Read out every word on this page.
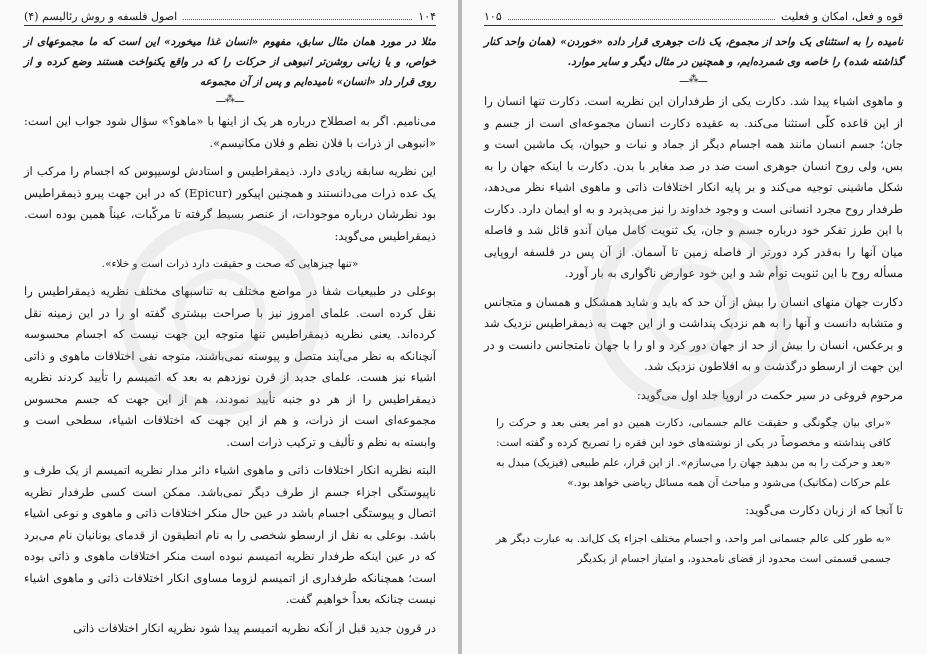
۱۰۴
اصول فلسفه و روش رئالیسم (۴)

مثلا در مورد همان مثال سابق، مفهوم «انسان غذا میخورد» این است که ما مجموعهای از خواص، و یا زبانی روشن‌تر انبوهی از حرکات را که در واقع یکنواخت هستند وضع کرده و از روی قرار داد «انسان» نامیده‌ایم و پس از آن مجموعه

ـــ⁂ـــ

می‌نامیم. اگر به اصطلاح درباره هر یک از اینها با «ماهو؟» سؤال شود جواب این است: «انبوهی از ذرات با فلان نظم و فلان مکانیسم».

این نظریه سابقه زیادی دارد. ذیمقراطیس و استادش لوسیپوس که اجسام را مرکب از یک عده ذرات می‌دانستند و همچنین اپیکور (Epicur) که در این جهت پیرو ذیمقراطیس بود نظرشان درباره موجودات، از عنصر بسیط گرفته تا مرکّبات، عیناً همین بوده است. ذیمقراطیس می‌گوید:

«تنها چیزهایی که صحت و حقیقت دارد ذرات است و خلاء».

بوعلی در طبیعیات شفا در مواضع مختلف به تناسبهای مختلف نظریه ذیمقراطیس را نقل کرده است. علمای امروز نیز با صراحت بیشتری گفته او را در این زمینه نقل کرده‌اند. یعنی نظریه ذیمقراطیس تنها متوجه این جهت نیست که اجسام محسوسه آنچنانکه به نظر می‌آیند متصل و پیوسته نمی‌باشند، متوجه نفی اختلافات ماهوی و ذاتی اشیاء نیز هست. علمای جدید از قرن نوزدهم به بعد که اتمیسم را تأیید کردند نظریه ذیمقراطیس را از هر دو جنبه تأیید نمودند، هم از این جهت که جسم محسوس مجموعه‌ای است از ذرات، و هم از این جهت که اختلافات اشیاء، سطحی است و وابسته به نظم و تألیف و ترکیب ذرات است.

البته نظریه انکار اختلافات ذاتی و ماهوی اشیاء دائر مدار نظریه اتمیسم از یک طرف و ناپیوستگی اجزاء جسم از طرف دیگر نمی‌باشد. ممکن است کسی طرفدار نظریه اتصال و پیوستگی اجسام باشد در عین حال منکر اختلافات ذاتی و ماهوی و نوعی اشیاء باشد. بوعلی به نقل از ارسطو شخصی را به نام انطیقون از قدمای یونانیان نام می‌برد که در عین اینکه طرفدار نظریه اتمیسم نبوده است منکر اختلافات ماهوی و ذاتی بوده است؛ همچنانکه طرفداری از اتمیسم لزوما مساوی انکار اختلافات ذاتی و ماهوی اشیاء نیست چنانکه بعداً خواهیم گفت.

در قرون جدید قبل از آنکه نظریه اتمیسم پیدا شود نظریه انکار اختلافات ذاتی

قوه و فعل، امکان و فعلیت
۱۰۵

نامیده را به استثنای یک واحد از مجموع، یک ذات جوهری قرار داده «خوردن» (همان واحد کنار گذاشته شده) را خاصه وی شمرده‌ایم، و همچنین در مثال دیگر و سایر موارد.

ـــ⁂ـــ

و ماهوی اشیاء پیدا شد. دکارت یکی از طرفداران این نظریه است. دکارت تنها انسان را از این قاعده کلّی استثنا می‌کند. به عقیده دکارت انسان مجموعه‌ای است از جسم و جان؛ جسم انسان مانند همه اجسام دیگر از جماد و نبات و حیوان، یک ماشین است و بس، ولی روح انسان جوهری است ضد در صد مغایر با بدن. دکارت با اینکه جهان را به شکل ماشینی توجیه می‌کند و بر پایه انکار اختلافات ذاتی و ماهوی اشیاء نظر می‌دهد، طرفدار روح مجرد انسانی است و وجود خداوند را نیز می‌پذیرد و به او ایمان دارد. دکارت با این طرز تفکر خود درباره جسم و جان، یک ثنویت کامل میان آندو قائل شد و فاصله میان آنها را به‌قدر کرد دورتر از فاصله زمین تا آسمان. از آن پس در فلسفه اروپایی مسأله روح با این ثنویت توأم شد و این خود عوارض ناگواری به بار آورد.

دکارت جهان منهای انسان را بیش از آن حد که باید و شاید همشکل و همسان و متجانس و متشابه دانست و آنها را به هم نزدیک پنداشت و از این جهت به ذیمقراطیس نزدیک شد و برعکس، انسان را بیش از حد از جهان دور کرد و او را با جهان نامتجانس دانست و در این جهت از ارسطو درگذشت و به افلاطون نزدیک شد.

مرحوم فروغی در سیر حکمت در اروپا جلد اول می‌گوید:

«برای بیان چگونگی و حقیقت عالم جسمانی، دکارت همین دو امر یعنی بعد و حرکت را کافی پنداشته و مخصوصاً در یکی از نوشته‌های خود این فقره را تصریح کرده و گفته است: «بعد و حرکت را به من بدهید جهان را می‌سازم». از این قرار، علم طبیعی (فیزیک) مبدل به علم حرکات (مکانیک) می‌شود و مباحث آن همه مسائل ریاضی خواهد بود.»

تا آنجا که از زبان دکارت می‌گوید:

«به طور کلی عالم جسمانی امر واحد، و اجسام مختلف اجزاء یک کل‌اند. به عبارت دیگر هر جسمی قسمتی است محدود از فضای نامحدود، و امتیاز اجسام از یکدیگر
